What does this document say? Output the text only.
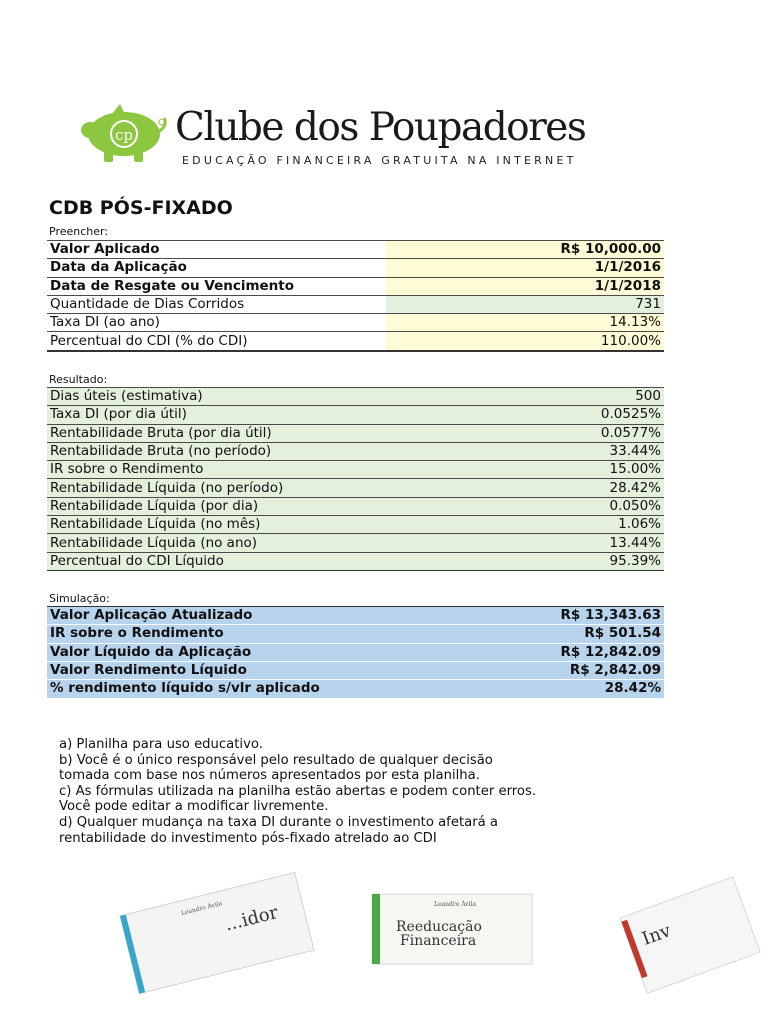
cp Clube dos Poupadores
EDUCAÇÃO FINANCEIRA GRATUITA NA INTERNET
CDB PÓS-FIXADO
Preencher:
Valor Aplicado	R$ 10,000.00
Data da Aplicação	1/1/2016
Data de Resgate ou Vencimento	1/1/2018
Quantidade de Dias Corridos	731
Taxa DI (ao ano)	14.13%
Percentual do CDI (% do CDI)	110.00%
Resultado:
Dias úteis (estimativa)	500
Taxa DI (por dia útil)	0.0525%
Rentabilidade Bruta (por dia útil)	0.0577%
Rentabilidade Bruta (no período)	33.44%
IR sobre o Rendimento	15.00%
Rentabilidade Líquida (no período)	28.42%
Rentabilidade Líquida (por dia)	0.050%
Rentabilidade Líquida (no mês)	1.06%
Rentabilidade Líquida (no ano)	13.44%
Percentual do CDI Líquido	95.39%
Simulação:
Valor Aplicação Atualizado	R$ 13,343.63
IR sobre o Rendimento	R$ 501.54
Valor Líquido da Aplicação	R$ 12,842.09
Valor Rendimento Líquido	R$ 2,842.09
% rendimento líquido s/vlr aplicado	28.42%

a) Planilha para uso educativo.

b) Você é o único responsável pelo resultado de qualquer decisão tomada com base nos números apresentados por esta planilha.

c) As fórmulas utilizada na planilha estão abertas e podem conter erros. Você pode editar a modificar livremente.

d) Qualquer mudança na taxa DI durante o investimento afetará a rentabilidade do investimento pós-fixado atrelado ao CDI

Leandro Ávila ...idor	Leandro Ávila
Reeducação
Financeira	Inv
